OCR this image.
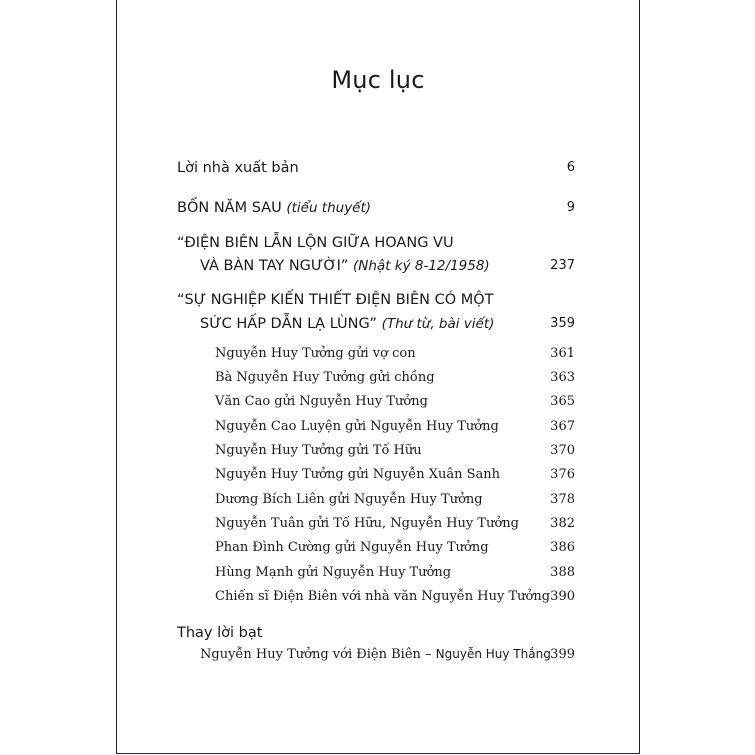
Mục lục
Lời nhà xuất bản	6
BỐN NĂM SAU (tiểu thuyết)	9
“ĐIỆN BIÊN LẪN LỘN GIỮA HOANG VU
VÀ BÀN TAY NGƯỜI” (Nhật ký 8-12/1958)	237
“SỰ NGHIỆP KIẾN THIẾT ĐIỆN BIÊN CÓ MỘT
SỨC HẤP DẪN LẠ LÙNG” (Thư từ, bài viết)	359
Nguyễn Huy Tưởng gửi vợ con	361
Bà Nguyễn Huy Tưởng gửi chồng	363
Văn Cao gửi Nguyễn Huy Tưởng	365
Nguyễn Cao Luyện gửi Nguyễn Huy Tưởng	367
Nguyễn Huy Tưởng gửi Tố Hữu	370
Nguyễn Huy Tưởng gửi Nguyễn Xuân Sanh	376
Dương Bích Liên gửi Nguyễn Huy Tưởng	378
Nguyễn Tuân gửi Tố Hữu, Nguyễn Huy Tưởng 382
Phan Đình Cường gửi Nguyễn Huy Tưởng	386
Hùng Mạnh gửi Nguyễn Huy Tưởng	388
Chiến sĩ Điện Biên với nhà văn Nguyễn Huy Tưởng 390
Thay lời bạt
Nguyễn Huy Tưởng với Điện Biên – Nguyễn Huy Thắng 399
